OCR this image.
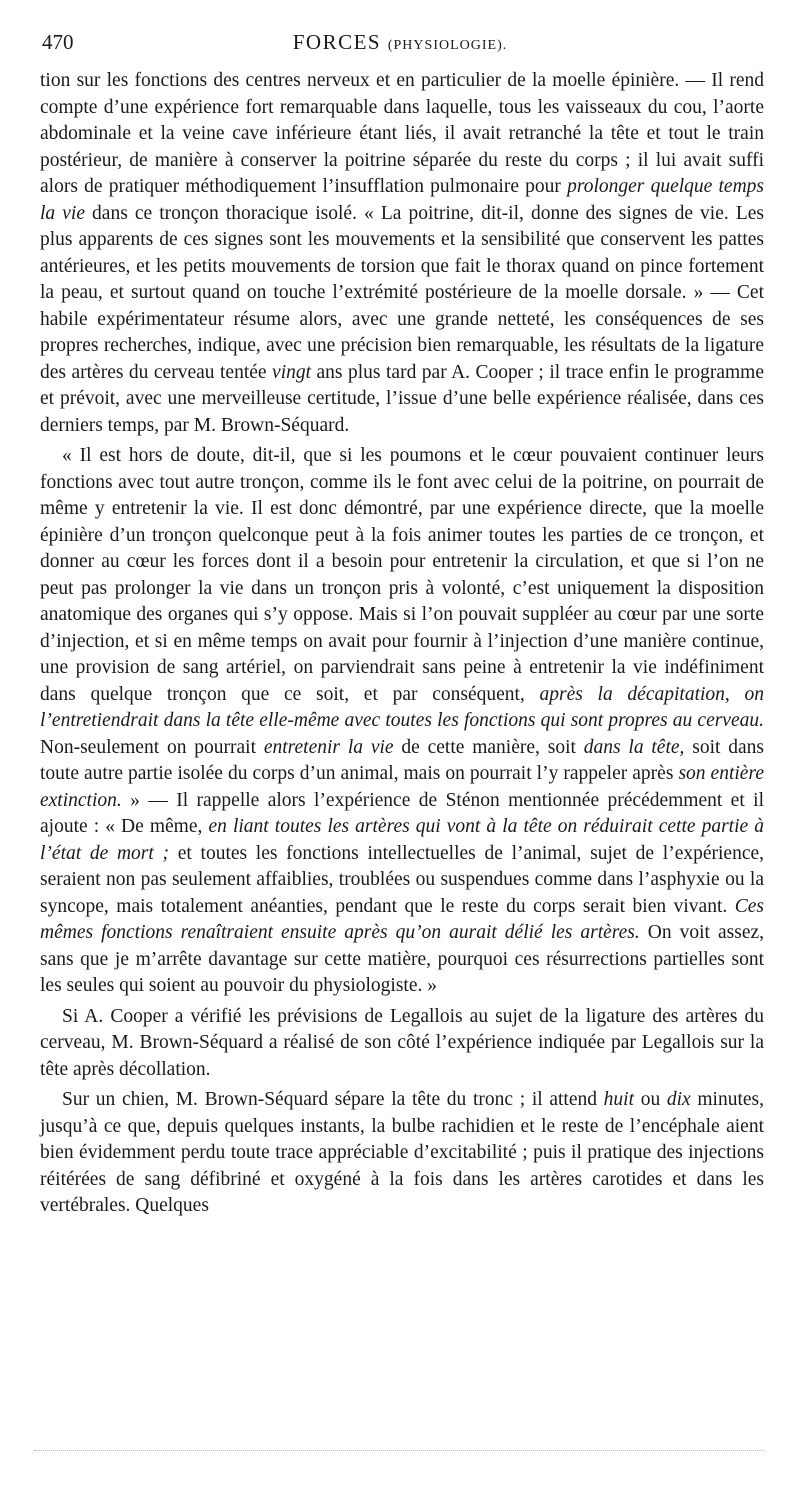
470	FORCES (PHYSIOLOGIE).

tion sur les fonctions des centres nerveux et en particulier de la moelle épinière. — Il rend compte d’une expérience fort remarquable dans laquelle, tous les vaisseaux du cou, l’aorte abdominale et la veine cave inférieure étant liés, il avait retranché la tête et tout le train postérieur, de manière à conserver la poitrine séparée du reste du corps ; il lui avait suffi alors de pratiquer méthodiquement l’insufflation pulmonaire pour prolonger quelque temps la vie dans ce tronçon thoracique isolé. « La poitrine, dit-il, donne des signes de vie. Les plus apparents de ces signes sont les mouvements et la sensibilité que conservent les pattes antérieures, et les petits mouvements de torsion que fait le thorax quand on pince fortement la peau, et surtout quand on touche l’extrémité postérieure de la moelle dorsale. » — Cet habile expérimentateur résume alors, avec une grande netteté, les conséquences de ses propres recherches, indique, avec une précision bien remarquable, les résultats de la ligature des artères du cerveau tentée vingt ans plus tard par A. Cooper ; il trace enfin le programme et prévoit, avec une merveilleuse certitude, l’issue d’une belle expérience réalisée, dans ces derniers temps, par M. Brown-Séquard.

« Il est hors de doute, dit-il, que si les poumons et le cœur pouvaient continuer leurs fonctions avec tout autre tronçon, comme ils le font avec celui de la poitrine, on pourrait de même y entretenir la vie. Il est donc démontré, par une expérience directe, que la moelle épinière d’un tronçon quelconque peut à la fois animer toutes les parties de ce tronçon, et donner au cœur les forces dont il a besoin pour entretenir la circulation, et que si l’on ne peut pas prolonger la vie dans un tronçon pris à volonté, c’est uniquement la disposition anatomique des organes qui s’y oppose. Mais si l’on pouvait suppléer au cœur par une sorte d’injection, et si en même temps on avait pour fournir à l’injection d’une manière continue, une provision de sang artériel, on parviendrait sans peine à entretenir la vie indéfiniment dans quelque tronçon que ce soit, et par conséquent, après la décapitation, on l’entretiendrait dans la tête elle-même avec toutes les fonctions qui sont propres au cerveau. Non-seulement on pourrait entretenir la vie de cette manière, soit dans la tête, soit dans toute autre partie isolée du corps d’un animal, mais on pourrait l’y rappeler après son entière extinction. » — Il rappelle alors l’expérience de Sténon mentionnée précédemment et il ajoute : « De même, en liant toutes les artères qui vont à la tête on réduirait cette partie à l’état de mort ; et toutes les fonctions intellectuelles de l’animal, sujet de l’expérience, seraient non pas seulement affaiblies, troublées ou suspendues comme dans l’asphyxie ou la syncope, mais totalement anéanties, pendant que le reste du corps serait bien vivant. Ces mêmes fonctions renaîtraient ensuite après qu’on aurait délié les artères. On voit assez, sans que je m’arrête davantage sur cette matière, pourquoi ces résurrections partielles sont les seules qui soient au pouvoir du physiologiste. »

Si A. Cooper a vérifié les prévisions de Legallois au sujet de la ligature des artères du cerveau, M. Brown-Séquard a réalisé de son côté l’expérience indiquée par Legallois sur la tête après décollation.

Sur un chien, M. Brown-Séquard sépare la tête du tronc ; il attend huit ou dix minutes, jusqu’à ce que, depuis quelques instants, la bulbe rachidien et le reste de l’encéphale aient bien évidemment perdu toute trace appréciable d’excitabilité ; puis il pratique des injections réitérées de sang défibriné et oxygéné à la fois dans les artères carotides et dans les vertébrales. Quelques
